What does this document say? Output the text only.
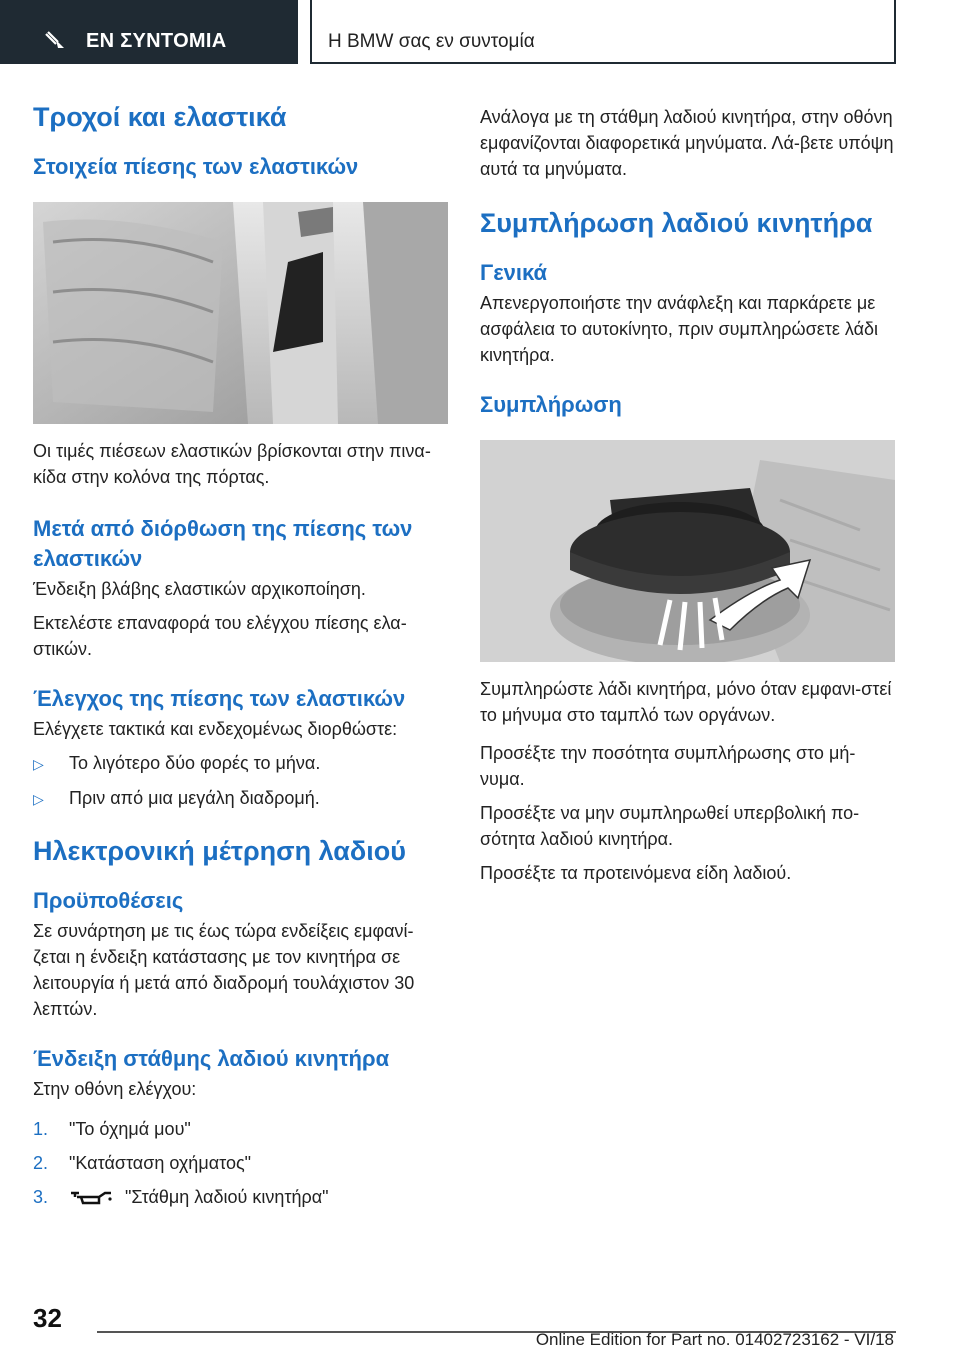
ΕΝ ΣΥΝΤΟΜΙΑ	Η BMW σας εν συντομία
Τροχοί και ελαστικά
Στοιχεία πίεσης των ελαστικών
Οι τιμές πιέσεων ελαστικών βρίσκονται στην πινα-κίδα στην κολόνα της πόρτας.
Μετά από διόρθωση της πίεσης των ελαστικών
Ένδειξη βλάβης ελαστικών αρχικοποίηση.
Εκτελέστε επαναφορά του ελέγχου πίεσης ελα-στικών.
Έλεγχος της πίεσης των ελαστικών
Ελέγχετε τακτικά και ενδεχομένως διορθώστε:
▷	Το λιγότερο δύο φορές το μήνα.
▷	Πριν από μια μεγάλη διαδρομή.
Ηλεκτρονική μέτρηση λαδιού
Προϋποθέσεις
Σε συνάρτηση με τις έως τώρα ενδείξεις εμφανί-ζεται η ένδειξη κατάστασης με τον κινητήρα σε λειτουργία ή μετά από διαδρομή τουλάχιστον 30 λεπτών.
Ένδειξη στάθμης λαδιού κινητήρα
Στην οθόνη ελέγχου:
1.	"Το όχημά μου"
2.	"Κατάσταση οχήματος"
3.	"Στάθμη λαδιού κινητήρα"
Ανάλογα με τη στάθμη λαδιού κινητήρα, στην οθόνη εμφανίζονται διαφορετικά μηνύματα. Λά-βετε υπόψη αυτά τα μηνύματα.
Συμπλήρωση λαδιού κινητήρα
Γενικά
Απενεργοποιήστε την ανάφλεξη και παρκάρετε με ασφάλεια το αυτοκίνητο, πριν συμπληρώσετε λάδι κινητήρα.
Συμπλήρωση
Συμπληρώστε λάδι κινητήρα, μόνο όταν εμφανι-στεί το μήνυμα στο ταμπλό των οργάνων.
Προσέξτε την ποσότητα συμπλήρωσης στο μή-νυμα.
Προσέξτε να μην συμπληρωθεί υπερβολική πο-σότητα λαδιού κινητήρα.
Προσέξτε τα προτεινόμενα είδη λαδιού.
32
Online Edition for Part no. 01402723162 - VI/18
